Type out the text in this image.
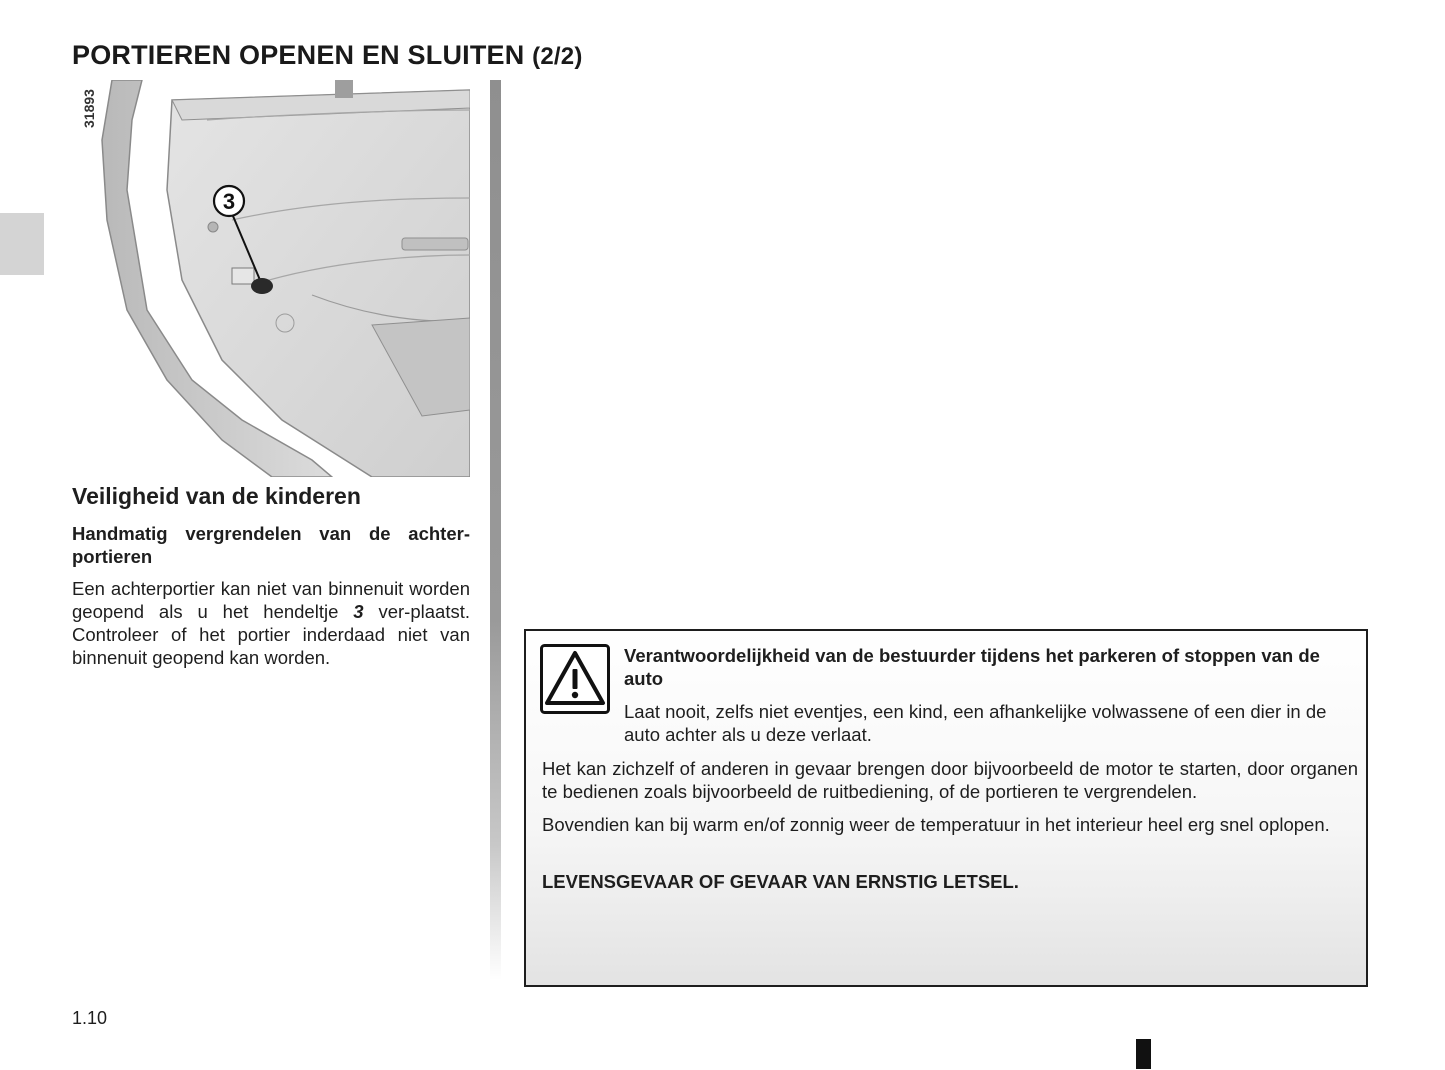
PORTIEREN OPENEN EN SLUITEN (2/2)
31893
3
Veiligheid van de kinderen

Handmatig vergrendelen van de achter-portieren

Een achterportier kan niet van binnenuit worden geopend als u het hendeltje 3 ver-plaatst. Controleer of het portier inderdaad niet van binnenuit geopend kan worden.	Verantwoordelijkheid van de bestuurder tijdens het parkeren of stoppen van de auto
Laat nooit, zelfs niet eventjes, een kind, een afhankelijke volwassene of een dier in de auto achter als u deze verlaat.
Het kan zichzelf of anderen in gevaar brengen door bijvoorbeeld de motor te starten, door organen te bedienen zoals bijvoorbeeld de ruitbediening, of de portieren te vergrendelen.
Bovendien kan bij warm en/of zonnig weer de temperatuur in het interieur heel erg snel oplopen.
LEVENSGEVAAR OF GEVAAR VAN ERNSTIG LETSEL.
1.10
